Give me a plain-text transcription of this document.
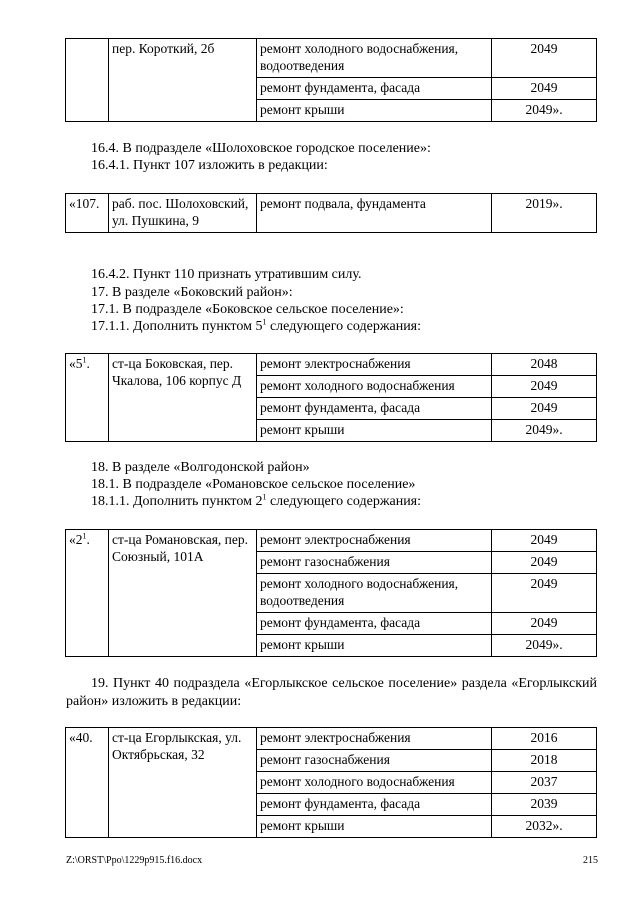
	пер. Короткий, 2б	ремонт холодного водоснабжения, водоотведения	2049
		ремонт фундамента, фасада	2049
		ремонт крыши	2049».
16.4. В подразделе «Шолоховское городское поселение»:
16.4.1. Пункт 107 изложить в редакции:
«107.	раб. пос. Шолоховский, ул. Пушкина, 9	ремонт подвала, фундамента	2019».
16.4.2. Пункт 110 признать утратившим силу.
17. В разделе «Боковский район»:
17.1. В подразделе «Боковское сельское поселение»:
17.1.1. Дополнить пунктом $5^1$ следующего содержания:
«$5^1$.	ст-ца Боковская, пер. Чкалова, 106 корпус Д	ремонт электроснабжения	2048
		ремонт холодного водоснабжения	2049
		ремонт фундамента, фасада	2049
		ремонт крыши	2049».
18. В разделе «Волгодонской район»
18.1. В подразделе «Романовское сельское поселение»
18.1.1. Дополнить пунктом $2^1$ следующего содержания:
«$2^1$.	ст-ца Романовская, пер. Союзный, 101А	ремонт электроснабжения	2049
		ремонт газоснабжения	2049
		ремонт холодного водоснабжения, водоотведения	2049
		ремонт фундамента, фасада	2049
		ремонт крыши	2049».
19. Пункт 40 подраздела «Егорлыкское сельское поселение» раздела «Егорлыкский район» изложить в редакции:
«40.	ст-ца Егорлыкская, ул. Октябрьская, 32	ремонт электроснабжения	2016
		ремонт газоснабжения	2018
		ремонт холодного водоснабжения	2037
		ремонт фундамента, фасада	2039
		ремонт крыши	2032».
Z:\ORST\Ppo\1229p915.f16.docx	215
